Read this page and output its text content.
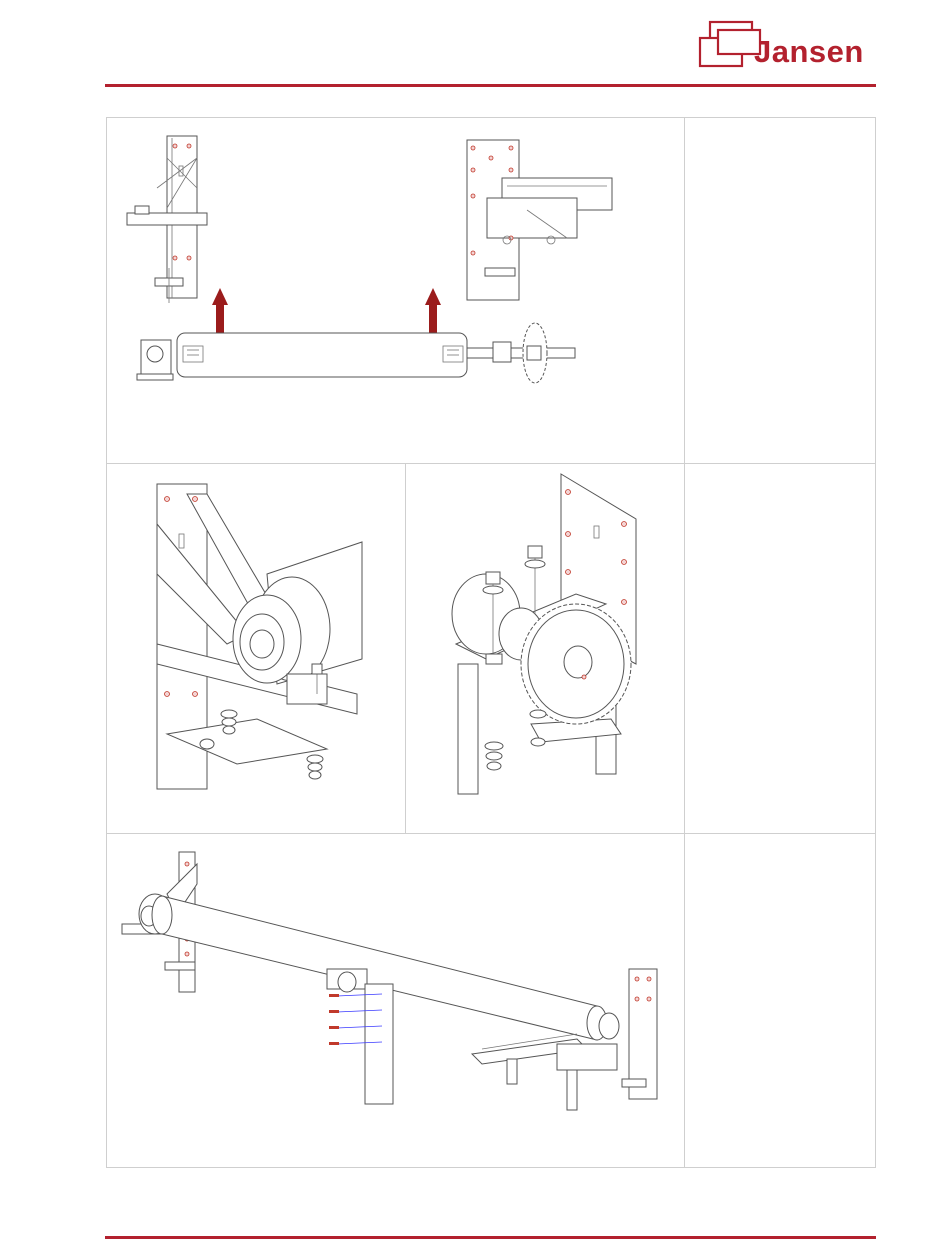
Jansen
